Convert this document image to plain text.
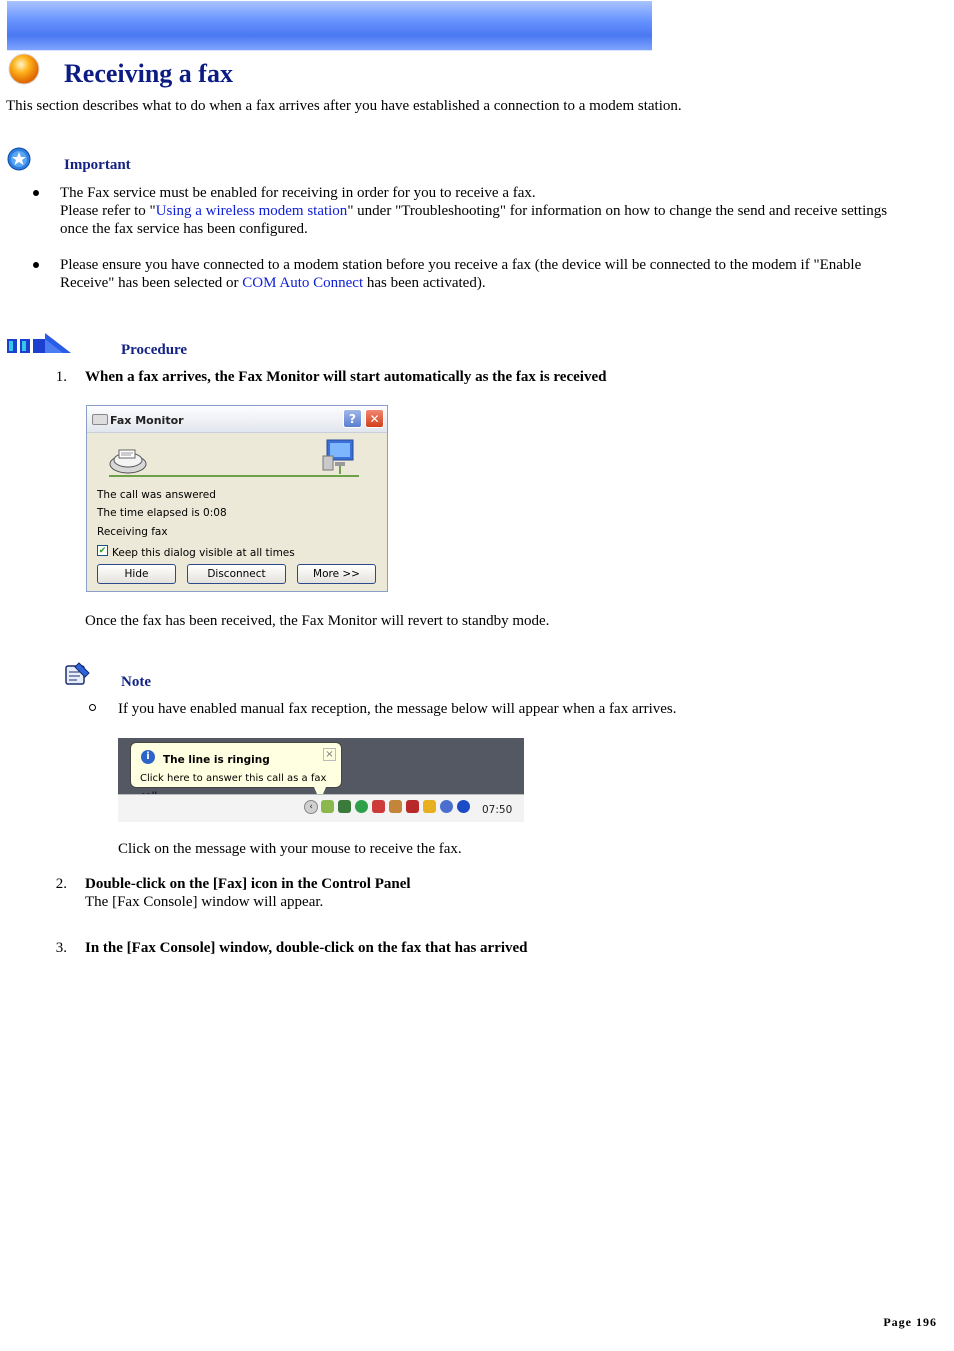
Receiving a fax
This section describes what to do when a fax arrives after you have established a connection to a modem station.
Important
The Fax service must be enabled for receiving in order for you to receive a fax.
Please refer to "Using a wireless modem station" under "Troubleshooting" for information on how to change the send and receive settings
once the fax service has been configured.
Please ensure you have connected to a modem station before you receive a fax (the device will be connected to the modem if "Enable
Receive" has been selected or COM Auto Connect has been activated).
Procedure
1. When a fax arrives, the Fax Monitor will start automatically as the fax is received
Fax Monitor	?	✕
The call was answered
The time elapsed is 0:08
Receiving fax
✔ Keep this dialog visible at all times
Hide	Disconnect	More >>
Once the fax has been received, the Fax Monitor will revert to standby mode.
Note
If you have enabled manual fax reception, the message below will appear when a fax arrives.
i	The line is ringing	×
Click here to answer this call as a fax
‹	07:50
Click on the message with your mouse to receive the fax.
2. Double-click on the [Fax] icon in the Control Panel
The [Fax Console] window will appear.
3. In the [Fax Console] window, double-click on the fax that has arrived
Page 196
